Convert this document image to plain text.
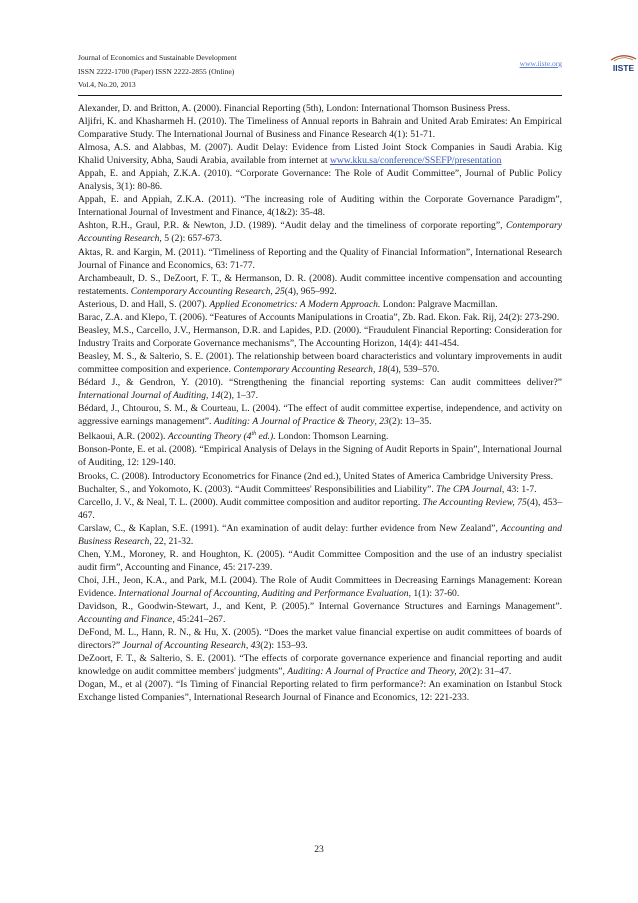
Journal of Economics and Sustainable Development
ISSN 2222-1700 (Paper) ISSN 2222-2855 (Online)
Vol.4, No.20, 2013
www.iiste.org	IISTE
Alexander, D. and Britton, A. (2000). Financial Reporting (5th), London: International Thomson Business Press.
Aljifri, K. and Khasharmeh H. (2010). The Timeliness of Annual reports in Bahrain and United Arab Emirates: An Empirical Comparative Study. The International Journal of Business and Finance Research 4(1): 51-71.
Almosa, A.S. and Alabbas, M. (2007). Audit Delay: Evidence from Listed Joint Stock Companies in Saudi Arabia. Kig Khalid University, Abha, Saudi Arabia, available from internet at www.kku.sa/conference/SSEFP/presentation
Appah, E. and Appiah, Z.K.A. (2010). “Corporate Governance: The Role of Audit Committee”, Journal of Public Policy Analysis, 3(1): 80-86.
Appah, E. and Appiah, Z.K.A. (2011). “The increasing role of Auditing within the Corporate Governance Paradigm”, International Journal of Investment and Finance, 4(1&2): 35-48.
Ashton, R.H., Graul, P.R. & Newton, J.D. (1989). “Audit delay and the timeliness of corporate reporting”, Contemporary Accounting Research, 5 (2): 657-673.
Aktas, R. and Kargin, M. (2011). “Timeliness of Reporting and the Quality of Financial Information”, International Research Journal of Finance and Economics, 63: 71-77.
Archambeault, D. S., DeZoort, F. T., & Hermanson, D. R. (2008). Audit committee incentive compensation and accounting restatements. Contemporary Accounting Research, 25(4), 965–992.
Asterious, D. and Hall, S. (2007). Applied Econometrics: A Modern Approach. London: Palgrave Macmillan.
Barac, Z.A. and Klepo, T. (2006). “Features of Accounts Manipulations in Croatia”, Zb. Rad. Ekon. Fak. Rij, 24(2): 273-290.
Beasley, M.S., Carcello, J.V., Hermanson, D.R. and Lapides, P.D. (2000). “Fraudulent Financial Reporting: Consideration for Industry Traits and Corporate Governance mechanisms”, The Accounting Horizon, 14(4): 441-454.
Beasley, M. S., & Salterio, S. E. (2001). The relationship between board characteristics and voluntary improvements in audit committee composition and experience. Contemporary Accounting Research, 18(4), 539–570.
Bédard J., & Gendron, Y. (2010). “Strengthening the financial reporting systems: Can audit committees deliver?” International Journal of Auditing, 14(2), 1–37.
Bédard, J., Chtourou, S. M., & Courteau, L. (2004). “The effect of audit committee expertise, independence, and activity on aggressive earnings management”. Auditing: A Journal of Practice & Theory, 23(2): 13–35.
Belkaoui, A.R. (2002). Accounting Theory (4th ed.). London: Thomson Learning.
Bonson-Ponte, E. et al. (2008). “Empirical Analysis of Delays in the Signing of Audit Reports in Spain”, International Journal of Auditing, 12: 129-140.
Brooks, C. (2008). Introductory Econometrics for Finance (2nd ed.), United States of America Cambridge University Press.
Buchalter, S., and Yokomoto, K. (2003). “Audit Committees' Responsibilities and Liability”. The CPA Journal, 43: 1-7.
Carcello, J. V., & Neal, T. L. (2000). Audit committee composition and auditor reporting. The Accounting Review, 75(4), 453–467.
Carslaw, C., & Kaplan, S.E. (1991). “An examination of audit delay: further evidence from New Zealand”, Accounting and Business Research, 22, 21-32.
Chen, Y.M., Moroney, R. and Houghton, K. (2005). “Audit Committee Composition and the use of an industry specialist audit firm”, Accounting and Finance, 45: 217-239.
Choi, J.H., Jeon, K.A., and Park, M.L (2004). The Role of Audit Committees in Decreasing Earnings Management: Korean Evidence. International Journal of Accounting, Auditing and Performance Evaluation, 1(1): 37-60.
Davidson, R., Goodwin-Stewart, J., and Kent, P. (2005).” Internal Governance Structures and Earnings Management”. Accounting and Finance, 45:241–267.
DeFond, M. L., Hann, R. N., & Hu, X. (2005). “Does the market value financial expertise on audit committees of boards of directors?” Journal of Accounting Research, 43(2): 153–93.
DeZoort, F. T., & Salterio, S. E. (2001). “The effects of corporate governance experience and financial reporting and audit knowledge on audit committee members' judgments”, Auditing: A Journal of Practice and Theory, 20(2): 31–47.
Dogan, M., et al (2007). “Is Timing of Financial Reporting related to firm performance?: An examination on Istanbul Stock Exchange listed Companies”, International Research Journal of Finance and Economics, 12: 221-233.
23
